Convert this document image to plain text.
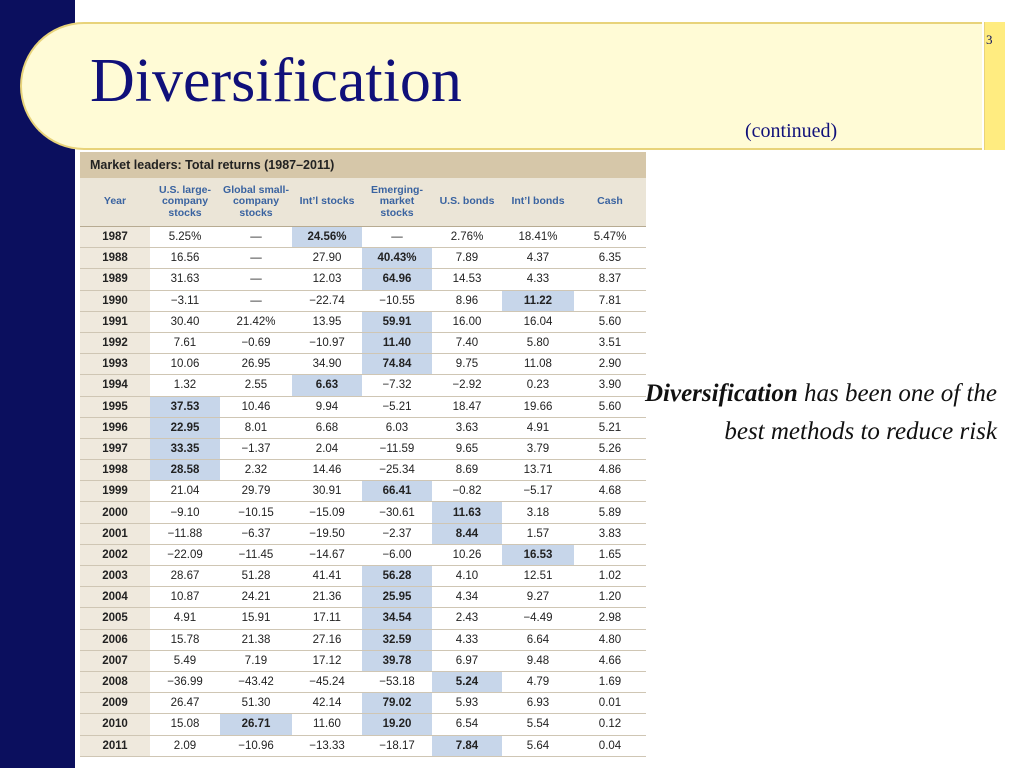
3
Diversification
(continued)
Market leaders: Total returns (1987–2011)
Year	U.S. large-company stocks	Global small-company stocks	Int’l stocks	Emerging-market stocks	U.S. bonds	Int’l bonds	Cash
1987	5.25%	—	24.56%	—	2.76%	18.41%	5.47%
1988	16.56	—	27.90	40.43%	7.89	4.37	6.35
1989	31.63	—	12.03	64.96	14.53	4.33	8.37
1990	−3.11	—	−22.74	−10.55	8.96	11.22	7.81
1991	30.40	21.42%	13.95	59.91	16.00	16.04	5.60
1992	7.61	−0.69	−10.97	11.40	7.40	5.80	3.51
1993	10.06	26.95	34.90	74.84	9.75	11.08	2.90
1994	1.32	2.55	6.63	−7.32	−2.92	0.23	3.90
1995	37.53	10.46	9.94	−5.21	18.47	19.66	5.60
1996	22.95	8.01	6.68	6.03	3.63	4.91	5.21
1997	33.35	−1.37	2.04	−11.59	9.65	3.79	5.26
1998	28.58	2.32	14.46	−25.34	8.69	13.71	4.86
1999	21.04	29.79	30.91	66.41	−0.82	−5.17	4.68
2000	−9.10	−10.15	−15.09	−30.61	11.63	3.18	5.89
2001	−11.88	−6.37	−19.50	−2.37	8.44	1.57	3.83
2002	−22.09	−11.45	−14.67	−6.00	10.26	16.53	1.65
2003	28.67	51.28	41.41	56.28	4.10	12.51	1.02
2004	10.87	24.21	21.36	25.95	4.34	9.27	1.20
2005	4.91	15.91	17.11	34.54	2.43	−4.49	2.98
2006	15.78	21.38	27.16	32.59	4.33	6.64	4.80
2007	5.49	7.19	17.12	39.78	6.97	9.48	4.66
2008	−36.99	−43.42	−45.24	−53.18	5.24	4.79	1.69
2009	26.47	51.30	42.14	79.02	5.93	6.93	0.01
2010	15.08	26.71	11.60	19.20	6.54	5.54	0.12
2011	2.09	−10.96	−13.33	−18.17	7.84	5.64	0.04
Diversification has been one of the best methods to reduce risk
